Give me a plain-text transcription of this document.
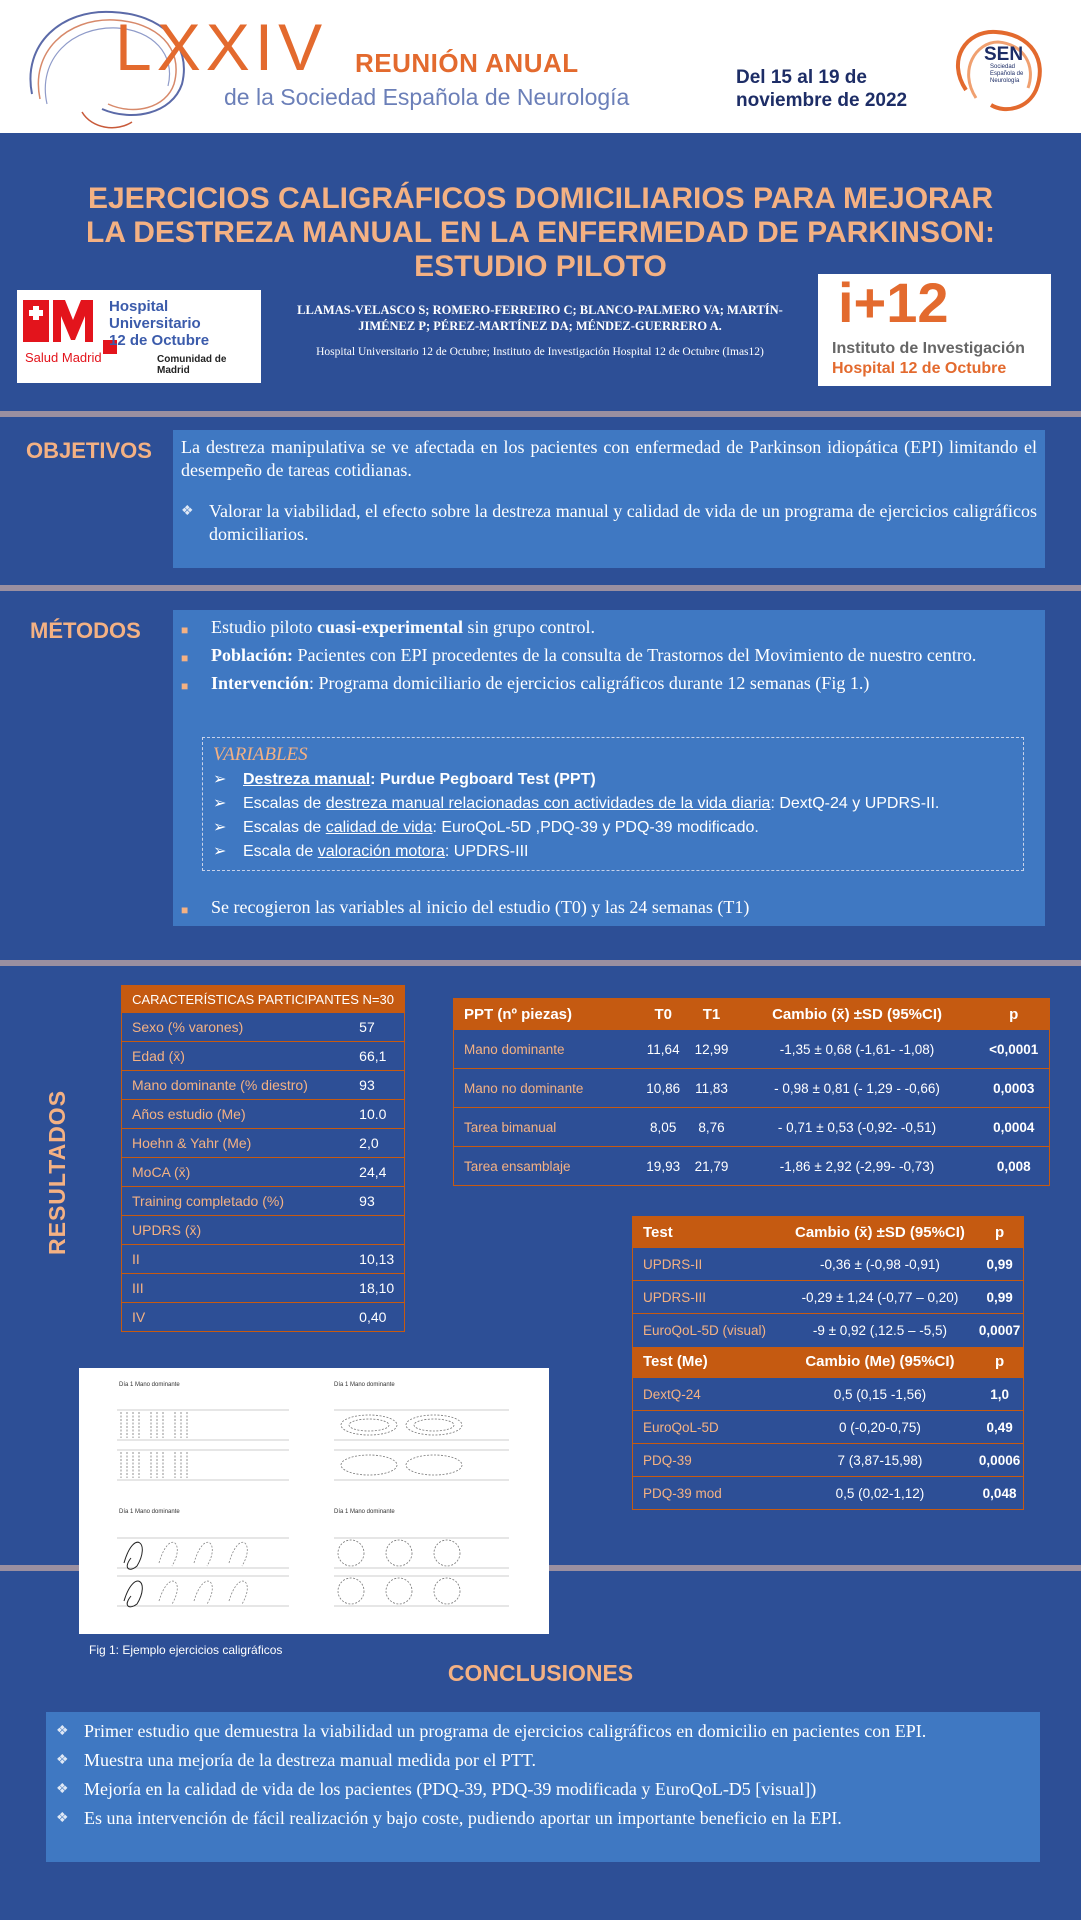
LXXIV REUNIÓN ANUAL
de la Sociedad Española de Neurología
Del 15 al 19 de
noviembre de 2022
SEN
Sociedad Española de Neurología
EJERCICIOS CALIGRÁFICOS DOMICILIARIOS PARA MEJORAR
LA DESTREZA MANUAL EN LA ENFERMEDAD DE PARKINSON:
ESTUDIO PILOTO
Hospital Universitario
12 de Octubre
Salud Madrid	Comunidad de Madrid
LLAMAS-VELASCO S; ROMERO-FERREIRO C; BLANCO-PALMERO VA; MARTÍN-
JIMÉNEZ P; PÉREZ-MARTÍNEZ DA; MÉNDEZ-GUERRERO A.
Hospital Universitario 12 de Octubre; Instituto de Investigación Hospital 12 de Octubre (Imas12)
i+12
Instituto de Investigación
Hospital 12 de Octubre
OBJETIVOS La destreza manipulativa se ve afectada en los pacientes con enfermedad de Parkinson idiopática (EPI) limitando el desempeño de tareas cotidianas.
❖ Valorar la viabilidad, el efecto sobre la destreza manual y calidad de vida de un programa de ejercicios caligráficos domiciliarios.
MÉTODOS	■	Estudio piloto cuasi-experimental sin grupo control.
■	Población: Pacientes con EPI procedentes de la consulta de Trastornos del Movimiento de nuestro centro.
■	Intervención: Programa domiciliario de ejercicios caligráficos durante 12 semanas (Fig 1.)
■	Se recogieron las variables al inicio del estudio (T0) y las 24 semanas (T1)
VARIABLES
➢	Destreza manual: Purdue Pegboard Test (PPT)
➢	Escalas de destreza manual relacionadas con actividades de la vida diaria: DextQ-24 y UPDRS-II.
➢	Escalas de calidad de vida: EuroQoL-5D ,PDQ-39 y PDQ-39 modificado.
➢	Escala de valoración motora: UPDRS-III
RESULTADOS
CARACTERÍSTICAS PARTICIPANTES N=30	
Sexo (% varones)	57
Edad (x̄)	66,1
Mano dominante (% diestro)	93
Años estudio (Me)	10.0
Hoehn & Yahr (Me)	2,0
MoCA (x̄)	24,4
Training completado (%)	93
UPDRS (x̄)	
II	10,13
III	18,10
IV	0,40
PPT (nº piezas)	T0	T1	Cambio (x̄) ±SD (95%CI)	p
Mano dominante	11,64	12,99	-1,35 ± 0,68 (-1,61- -1,08)	<0,0001
Mano no dominante	10,86	11,83	- 0,98 ± 0,81 (- 1,29 - -0,66)	0,0003
Tarea bimanual	8,05	8,76	- 0,71 ± 0,53 (-0,92- -0,51)	0,0004
Tarea ensamblaje	19,93	21,79	-1,86 ± 2,92 (-2,99- -0,73)	0,008
Test	Cambio (x̄) ±SD (95%CI)	p
UPDRS-II	-0,36 ± (-0,98 -0,91)	0,99
UPDRS-III	-0,29 ± 1,24 (-0,77 – 0,20)	0,99
EuroQoL-5D (visual)	-9 ± 0,92 (,12.5 – -5,5)	0,0007
Test (Me)	Cambio (Me) (95%CI)	p
DextQ-24	0,5 (0,15 -1,56)	1,0
EuroQoL-5D	0 (-0,20-0,75)	0,49
PDQ-39	7 (3,87-15,98)	0,0006
PDQ-39 mod	0,5 (0,02-1,12)	0,048
Día 1 Mano dominante	Día 1 Mano dominante
Día 1 Mano dominante	Día 1 Mano dominante
Fig 1: Ejemplo ejercicios caligráficos
CONCLUSIONES
❖ Primer estudio que demuestra la viabilidad un programa de ejercicios caligráficos en domicilio en pacientes con EPI.
❖ Muestra una mejoría de la destreza manual medida por el PTT.
❖ Mejoría en la calidad de vida de los pacientes (PDQ-39, PDQ-39 modificada y EuroQoL-D5 [visual])
❖ Es una intervención de fácil realización y bajo coste, pudiendo aportar un importante beneficio en la EPI.
